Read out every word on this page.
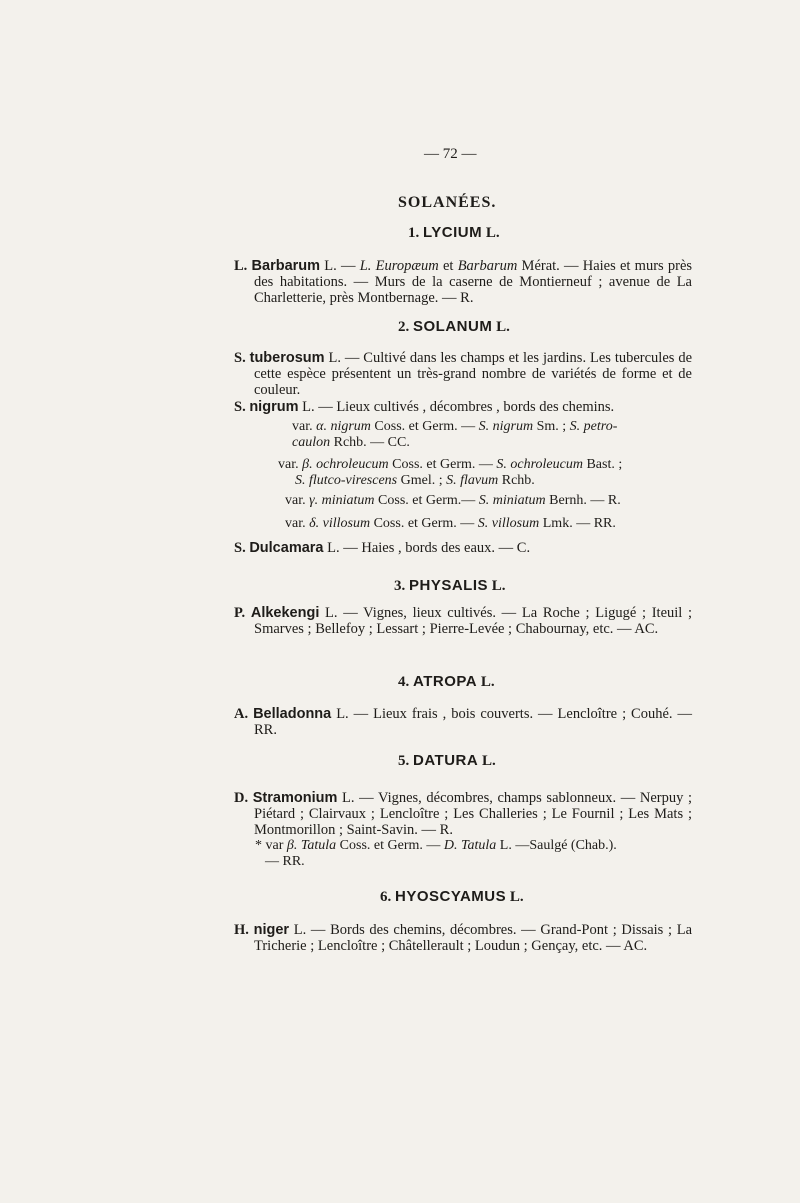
— 72 —
SOLANÉES.
1. LYCIUM L.
L. Barbarum L. — L. Europæum et Barbarum Mérat. — Haies et murs près des habitations. — Murs de la caserne de Montierneuf ; avenue de La Charletterie, près Montbernage. — R.
2. SOLANUM L.
S. tuberosum L. — Cultivé dans les champs et les jardins. Les tubercules de cette espèce présentent un très-grand nombre de variétés de forme et de couleur.
S. nigrum L. — Lieux cultivés , décombres , bords des chemins.
var. α. nigrum Coss. et Germ. — S. nigrum Sm. ; S. petro-
caulon Rchb. — CC.
var. β. ochroleucum Coss. et Germ. — S. ochroleucum Bast. ;
S. flutco-virescens Gmel. ; S. flavum Rchb.
var. γ. miniatum Coss. et Germ.— S. miniatum Bernh. — R.
var. δ. villosum Coss. et Germ. — S. villosum Lmk. — RR.
S. Dulcamara L. — Haies , bords des eaux. — C.
3. PHYSALIS L.
P. Alkekengi L. — Vignes, lieux cultivés. — La Roche ; Ligugé ; Iteuil ; Smarves ; Bellefoy ; Lessart ; Pierre-Levée ; Chabournay, etc. — AC.
4. ATROPA L.
A. Belladonna L. — Lieux frais , bois couverts. — Lencloître ; Couhé. — RR.
5. DATURA L.
D. Stramonium L. — Vignes, décombres, champs sablonneux. — Nerpuy ; Piétard ; Clairvaux ; Lencloître ; Les Challeries ; Le Fournil ; Les Mats ; Montmorillon ; Saint-Savin. — R.
* var β. Tatula Coss. et Germ. — D. Tatula L. —Saulgé (Chab.).
— RR.
6. HYOSCYAMUS L.
H. niger L. — Bords des chemins, décombres. — Grand-Pont ; Dissais ; La Tricherie ; Lencloître ; Châtellerault ; Loudun ; Gençay, etc. — AC.
